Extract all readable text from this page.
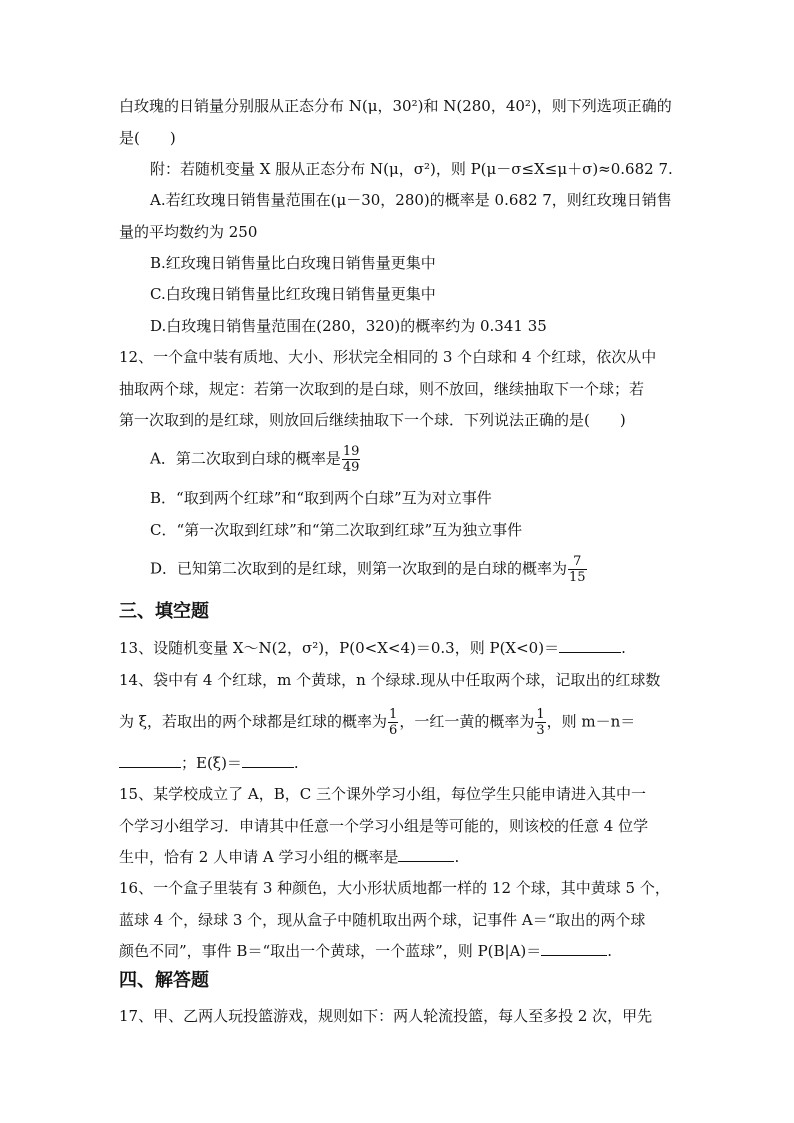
白玫瑰的日销量分别服从正态分布 N(μ，30²)和 N(280，40²)，则下列选项正确的
是(　　)
附：若随机变量 X 服从正态分布 N(μ，σ²)，则 P(μ－σ≤X≤μ＋σ)≈0.682 7.
A.若红玫瑰日销售量范围在(μ－30，280)的概率是 0.682 7，则红玫瑰日销售
量的平均数约为 250
B.红玫瑰日销售量比白玫瑰日销售量更集中
C.白玫瑰日销售量比红玫瑰日销售量更集中
D.白玫瑰日销售量范围在(280，320)的概率约为 0.341 35
12、一个盒中装有质地、大小、形状完全相同的 3 个白球和 4 个红球，依次从中
抽取两个球，规定：若第一次取到的是白球，则不放回，继续抽取下一个球；若
第一次取到的是红球，则放回后继续抽取下一个球．下列说法正确的是(　　)
A．第二次取到白球的概率是 $\frac{19}{49}$
B．“取到两个红球”和“取到两个白球”互为对立事件
C．“第一次取到红球”和“第二次取到红球”互为独立事件
D．已知第二次取到的是红球，则第一次取到的是白球的概率为 $\frac{7}{15}$
三、填空题
13、设随机变量 X～N(2，σ²)，P(0<X<4)＝0.3，则 P(X<0)＝	.
14、袋中有 4 个红球，m 个黄球，n 个绿球.现从中任取两个球，记取出的红球数
为 ξ，若取出的两个球都是红球的概率为 $\frac{1}{6}$ ，一红一黄的概率为 $\frac{1}{3}$ ，则 m－n＝
；E(ξ)＝	.
15、某学校成立了 A，B，C 三个课外学习小组，每位学生只能申请进入其中一
个学习小组学习．申请其中任意一个学习小组是等可能的，则该校的任意 4 位学
生中，恰有 2 人申请 A 学习小组的概率是	.
16、一个盒子里装有 3 种颜色，大小形状质地都一样的 12 个球，其中黄球 5 个，
蓝球 4 个，绿球 3 个，现从盒子中随机取出两个球，记事件 A＝“取出的两个球
颜色不同”，事件 B＝“取出一个黄球，一个蓝球”，则 P(B|A)＝	.
四、解答题
17、甲、乙两人玩投篮游戏，规则如下：两人轮流投篮，每人至多投 2 次，甲先
